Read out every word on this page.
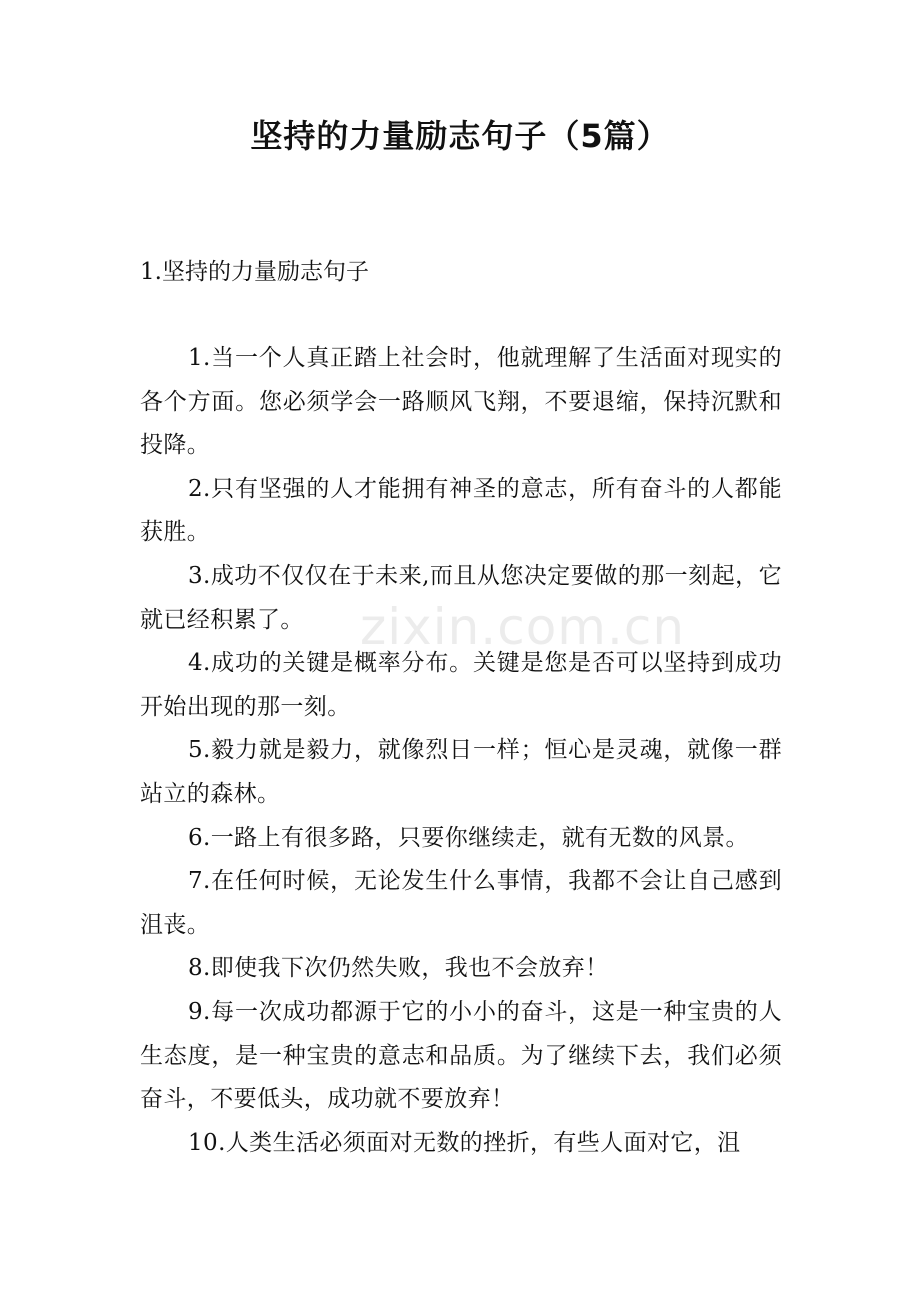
坚持的力量励志句子（5篇）
1.坚持的力量励志句子

1.当一个人真正踏上社会时，他就理解了生活面对现实的各个方面。您必须学会一路顺风飞翔，不要退缩，保持沉默和投降。

2.只有坚强的人才能拥有神圣的意志，所有奋斗的人都能获胜。

3.成功不仅仅在于未来,而且从您决定要做的那一刻起，它就已经积累了。

4.成功的关键是概率分布。关键是您是否可以坚持到成功开始出现的那一刻。

5.毅力就是毅力，就像烈日一样；恒心是灵魂，就像一群站立的森林。

6.一路上有很多路，只要你继续走，就有无数的风景。

7.在任何时候，无论发生什么事情，我都不会让自己感到沮丧。

8.即使我下次仍然失败，我也不会放弃！

9.每一次成功都源于它的小小的奋斗，这是一种宝贵的人生态度，是一种宝贵的意志和品质。为了继续下去，我们必须奋斗，不要低头，成功就不要放弃！

10.人类生活必须面对无数的挫折，有些人面对它，沮

zixin.com.cn
